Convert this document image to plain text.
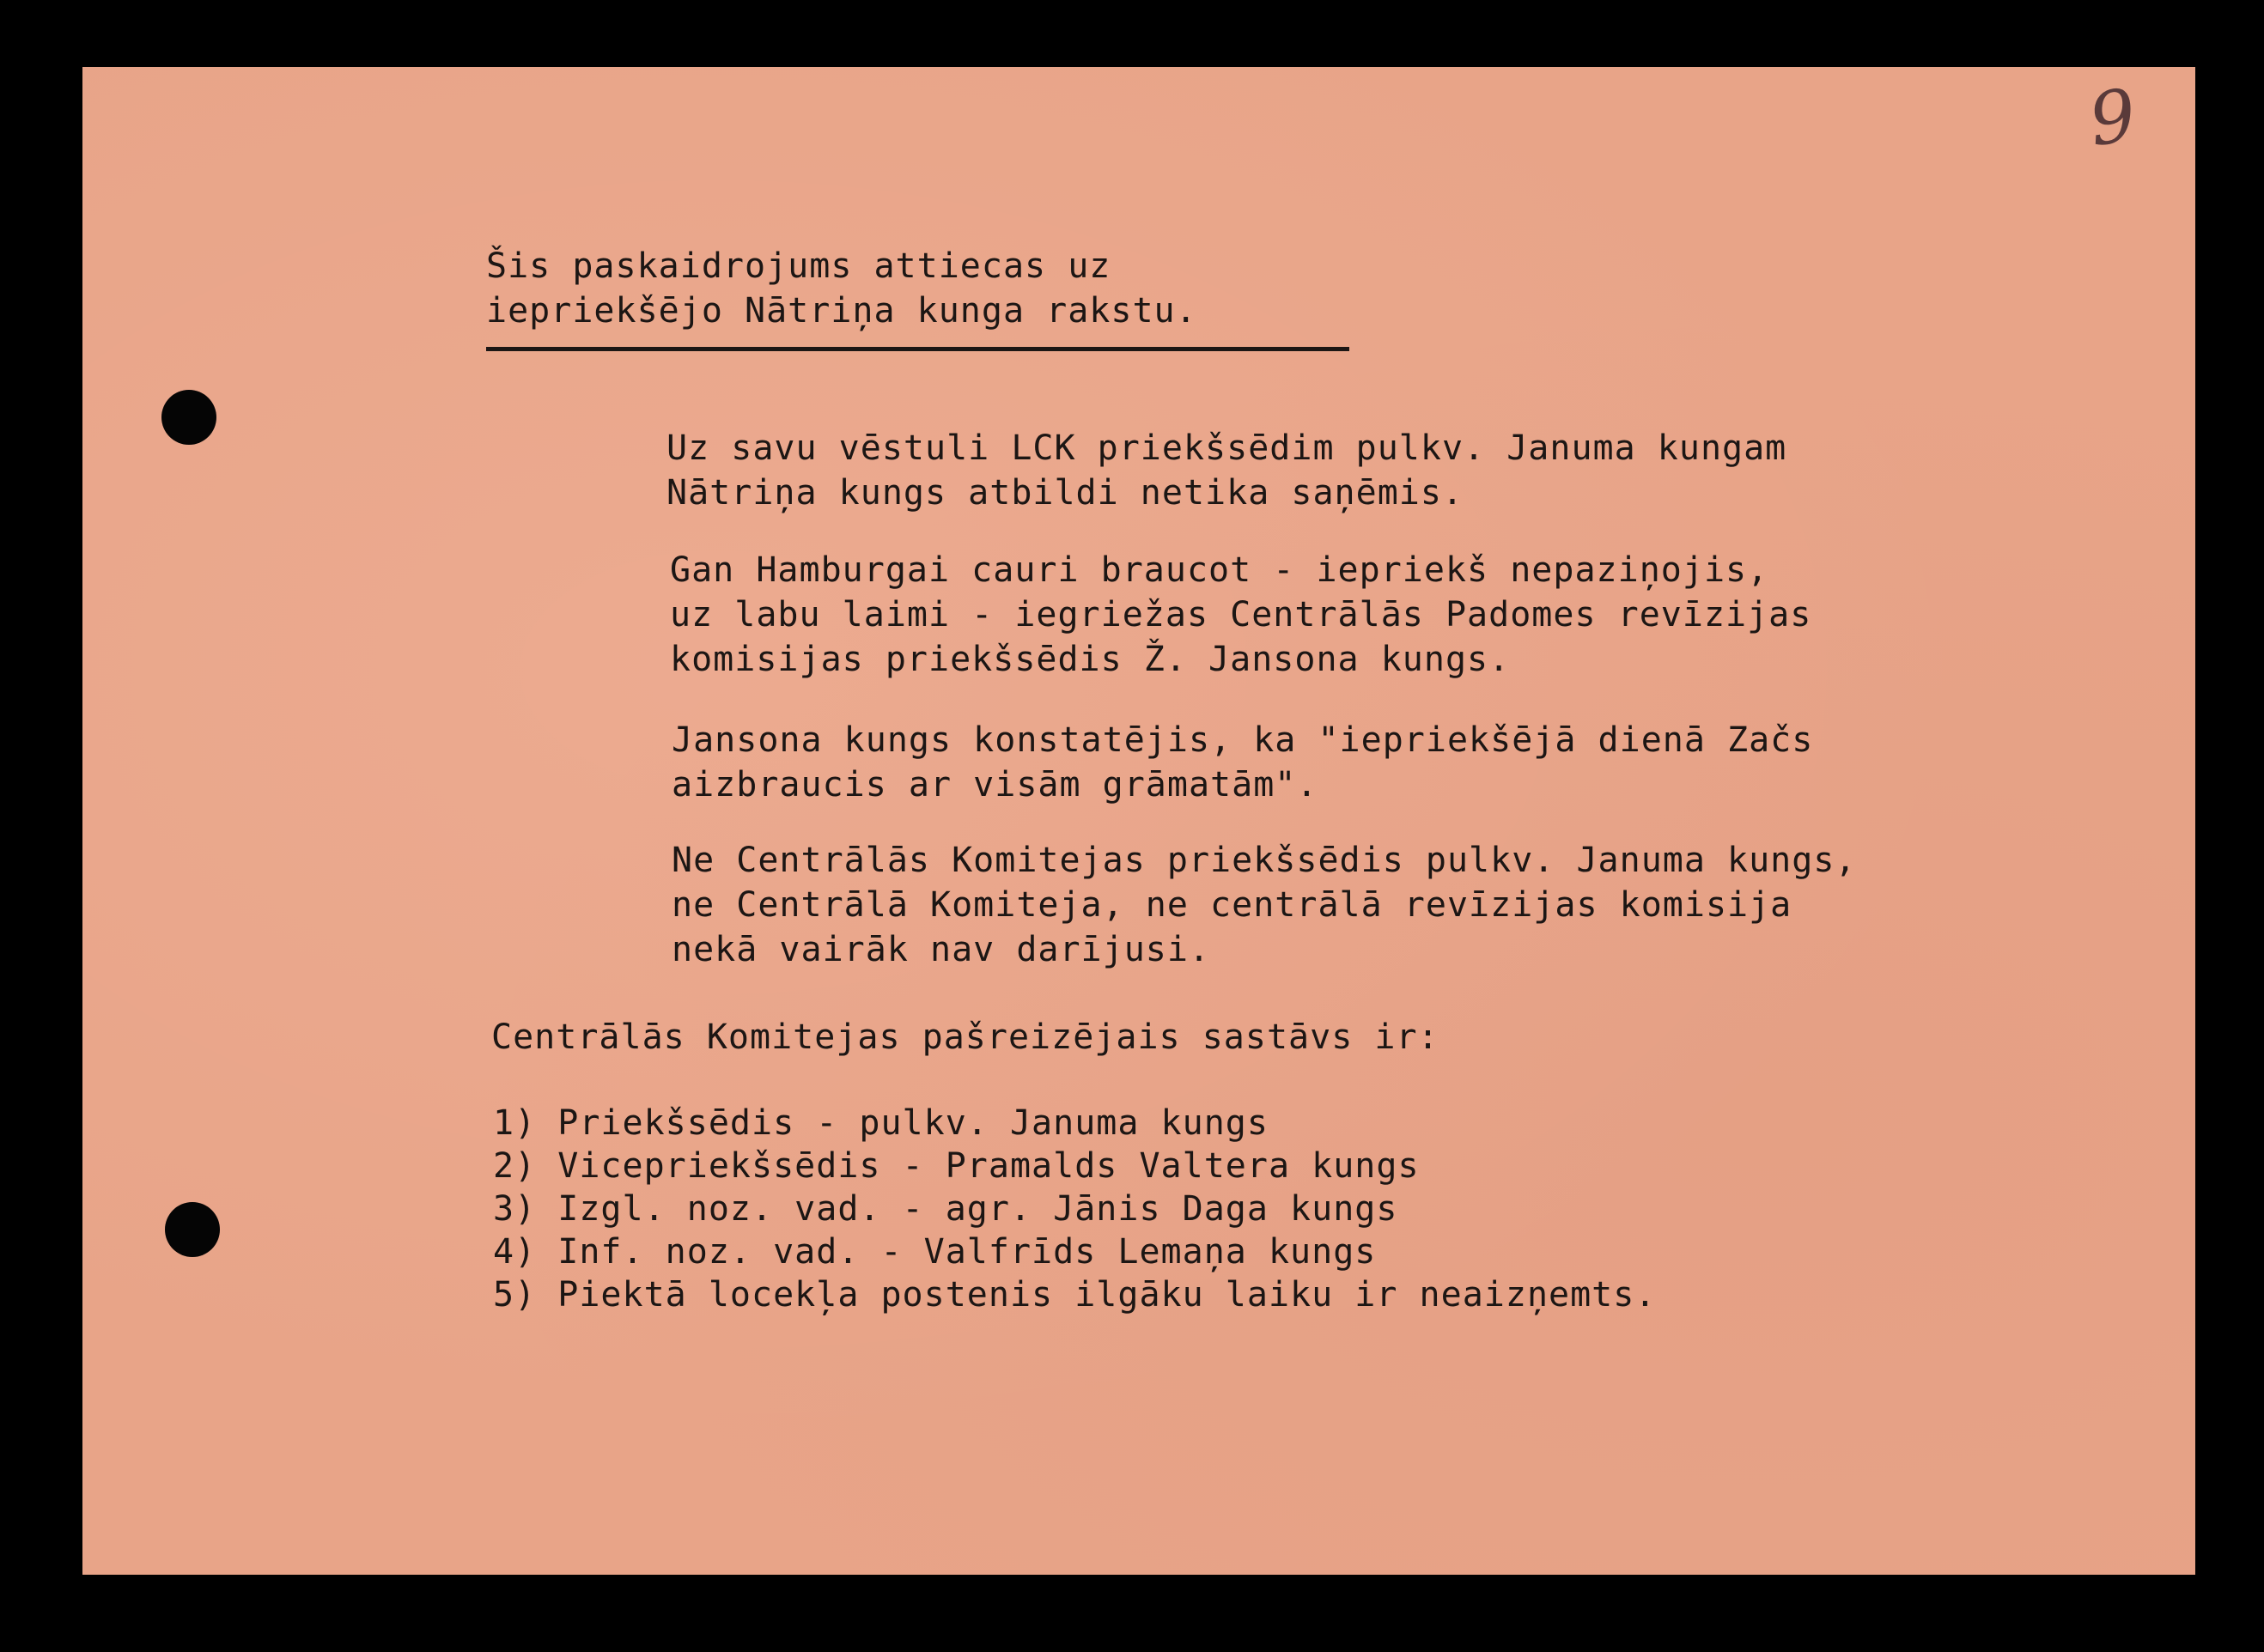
9
Šis paskaidrojums attiecas uz
iepriekšējo Nātriņa kunga rakstu.
Uz savu vēstuli LCK priekšsēdim pulkv. Januma kungam
Nātriņa kungs atbildi netika saņēmis.
Gan Hamburgai cauri braucot - iepriekš nepaziņojis,
uz labu laimi - iegriežas Centrālās Padomes revīzijas
komisijas priekšsēdis Ž. Jansona kungs.
Jansona kungs konstatējis, ka "iepriekšējā dienā Začs
aizbraucis ar visām grāmatām".
Ne Centrālās Komitejas priekšsēdis pulkv. Januma kungs,
ne Centrālā Komiteja, ne centrālā revīzijas komisija
nekā vairāk nav darījusi.
Centrālās Komitejas pašreizējais sastāvs ir:
1) Priekšsēdis - pulkv. Januma kungs
2) Vicepriekšsēdis - Pramalds Valtera kungs
3) Izgl. noz. vad. - agr. Jānis Daga kungs
4) Inf. noz. vad. - Valfrīds Lemaņa kungs
5) Piektā locekļa postenis ilgāku laiku ir neaizņemts.
